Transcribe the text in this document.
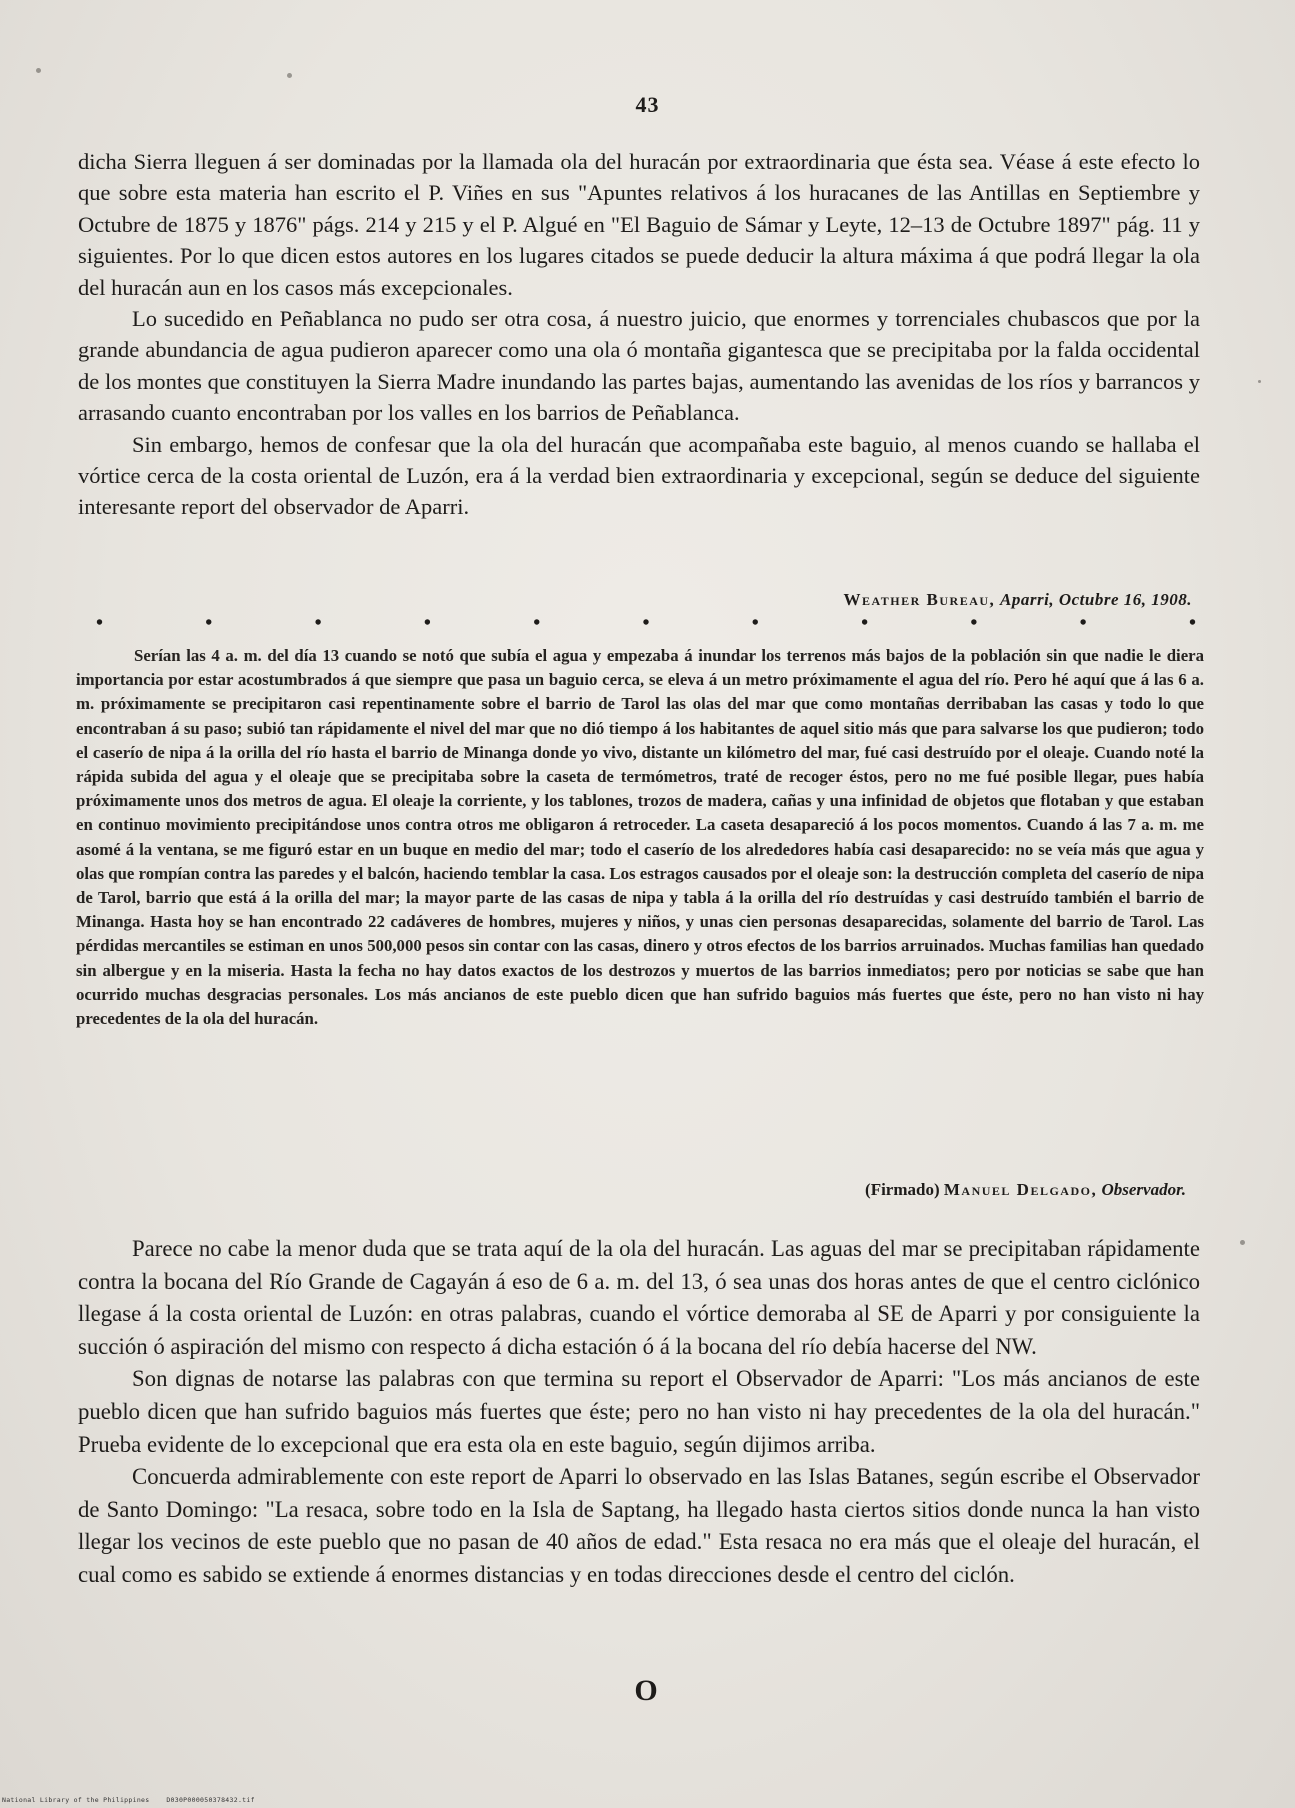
43

dicha Sierra lleguen á ser dominadas por la llamada ola del huracán por extraordinaria que ésta sea. Véase á este efecto lo que sobre esta materia han escrito el P. Viñes en sus "Apuntes relativos á los huracanes de las Antillas en Septiembre y Octubre de 1875 y 1876" págs. 214 y 215 y el P. Algué en "El Baguio de Sámar y Leyte, 12–13 de Octubre 1897" pág. 11 y siguientes. Por lo que dicen estos autores en los lugares citados se puede deducir la altura máxima á que podrá llegar la ola del huracán aun en los casos más excepcionales.

Lo sucedido en Peñablanca no pudo ser otra cosa, á nuestro juicio, que enormes y torrenciales chubascos que por la grande abundancia de agua pudieron aparecer como una ola ó montaña gigantesca que se precipitaba por la falda occidental de los montes que constituyen la Sierra Madre inundando las partes bajas, aumentando las avenidas de los ríos y barrancos y arrasando cuanto encontraban por los valles en los barrios de Peñablanca.

Sin embargo, hemos de confesar que la ola del huracán que acompañaba este baguio, al menos cuando se hallaba el vórtice cerca de la costa oriental de Luzón, era á la verdad bien extraordinaria y excepcional, según se deduce del siguiente interesante report del observador de Aparri.

Weather Bureau, Aparri, Octubre 16, 1908.
•	•	•	•	•	•	•	•	•	•	•

Serían las 4 a. m. del día 13 cuando se notó que subía el agua y empezaba á inundar los terrenos más bajos de la población sin que nadie le diera importancia por estar acostumbrados á que siempre que pasa un baguio cerca, se eleva á un metro próximamente el agua del río. Pero hé aquí que á las 6 a. m. próximamente se precipitaron casi repentinamente sobre el barrio de Tarol las olas del mar que como montañas derribaban las casas y todo lo que encontraban á su paso; subió tan rápidamente el nivel del mar que no dió tiempo á los habitantes de aquel sitio más que para salvarse los que pudieron; todo el caserío de nipa á la orilla del río hasta el barrio de Minanga donde yo vivo, distante un kilómetro del mar, fué casi destruído por el oleaje. Cuando noté la rápida subida del agua y el oleaje que se precipitaba sobre la caseta de termómetros, traté de recoger éstos, pero no me fué posible llegar, pues había próximamente unos dos metros de agua. El oleaje la corriente, y los tablones, trozos de madera, cañas y una infinidad de objetos que flotaban y que estaban en continuo movimiento precipitándose unos contra otros me obligaron á retroceder. La caseta desapareció á los pocos momentos. Cuando á las 7 a. m. me asomé á la ventana, se me figuró estar en un buque en medio del mar; todo el caserío de los alrededores había casi desaparecido: no se veía más que agua y olas que rompían contra las paredes y el balcón, haciendo temblar la casa. Los estragos causados por el oleaje son: la destrucción completa del caserío de nipa de Tarol, barrio que está á la orilla del mar; la mayor parte de las casas de nipa y tabla á la orilla del río destruídas y casi destruído también el barrio de Minanga. Hasta hoy se han encontrado 22 cadáveres de hombres, mujeres y niños, y unas cien personas desaparecidas, solamente del barrio de Tarol. Las pérdidas mercantiles se estiman en unos 500,000 pesos sin contar con las casas, dinero y otros efectos de los barrios arruinados. Muchas familias han quedado sin albergue y en la miseria. Hasta la fecha no hay datos exactos de los destrozos y muertos de las barrios inmediatos; pero por noticias se sabe que han ocurrido muchas desgracias personales. Los más ancianos de este pueblo dicen que han sufrido baguios más fuertes que éste, pero no han visto ni hay precedentes de la ola del huracán.

(Firmado) Manuel Delgado, Observador.

Parece no cabe la menor duda que se trata aquí de la ola del huracán. Las aguas del mar se precipitaban rápidamente contra la bocana del Río Grande de Cagayán á eso de 6 a. m. del 13, ó sea unas dos horas antes de que el centro ciclónico llegase á la costa oriental de Luzón: en otras palabras, cuando el vórtice demoraba al SE de Aparri y por consiguiente la succión ó aspiración del mismo con respecto á dicha estación ó á la bocana del río debía hacerse del NW.

Son dignas de notarse las palabras con que termina su report el Observador de Aparri: "Los más ancianos de este pueblo dicen que han sufrido baguios más fuertes que éste; pero no han visto ni hay precedentes de la ola del huracán." Prueba evidente de lo excepcional que era esta ola en este baguio, según dijimos arriba.

Concuerda admirablemente con este report de Aparri lo observado en las Islas Batanes, según escribe el Observador de Santo Domingo: "La resaca, sobre todo en la Isla de Saptang, ha llegado hasta ciertos sitios donde nunca la han visto llegar los vecinos de este pueblo que no pasan de 40 años de edad." Esta resaca no era más que el oleaje del huracán, el cual como es sabido se extiende á enormes distancias y en todas direcciones desde el centro del ciclón.

O
National Library of the Philippines    D030P000050378432.tif
